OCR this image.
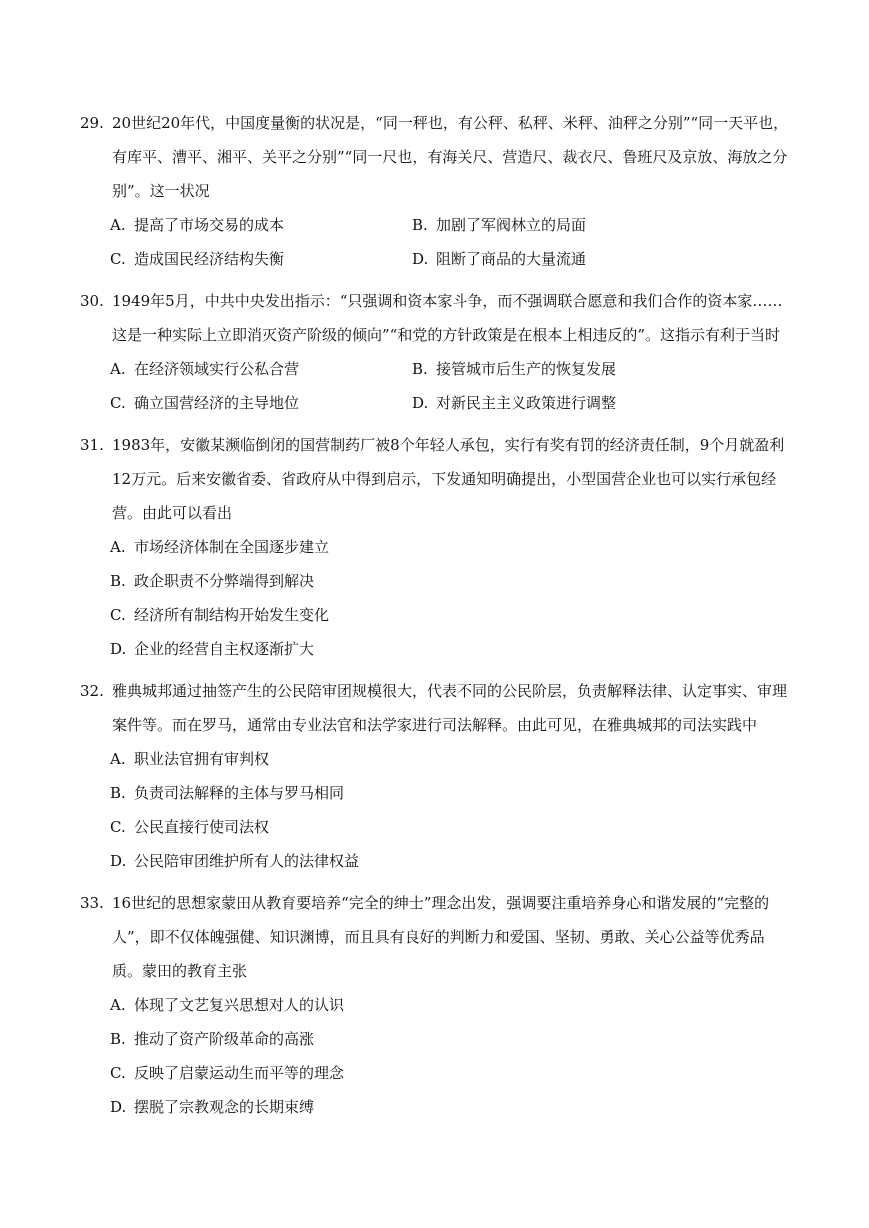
29. 20世纪20年代，中国度量衡的状况是，“同一秤也，有公秤、私秤、米秤、油秤之分别”“同一天平也，有库平、漕平、湘平、关平之分别”“同一尺也，有海关尺、营造尺、裁衣尺、鲁班尺及京放、海放之分别”。这一状况
A. 提高了市场交易的成本	B. 加剧了军阀林立的局面
C. 造成国民经济结构失衡	D. 阻断了商品的大量流通
30. 1949年5月，中共中央发出指示：“只强调和资本家斗争，而不强调联合愿意和我们合作的资本家……这是一种实际上立即消灭资产阶级的倾向”“和党的方针政策是在根本上相违反的”。这指示有利于当时
A. 在经济领域实行公私合营	B. 接管城市后生产的恢复发展
C. 确立国营经济的主导地位	D. 对新民主主义政策进行调整
31. 1983年，安徽某濒临倒闭的国营制药厂被8个年轻人承包，实行有奖有罚的经济责任制，9个月就盈利12万元。后来安徽省委、省政府从中得到启示，下发通知明确提出，小型国营企业也可以实行承包经营。由此可以看出
A. 市场经济体制在全国逐步建立
B. 政企职责不分弊端得到解决
C. 经济所有制结构开始发生变化
D. 企业的经营自主权逐渐扩大
32. 雅典城邦通过抽签产生的公民陪审团规模很大，代表不同的公民阶层，负责解释法律、认定事实、审理案件等。而在罗马，通常由专业法官和法学家进行司法解释。由此可见，在雅典城邦的司法实践中
A. 职业法官拥有审判权
B. 负责司法解释的主体与罗马相同
C. 公民直接行使司法权
D. 公民陪审团维护所有人的法律权益
33. 16世纪的思想家蒙田从教育要培养“完全的绅士”理念出发，强调要注重培养身心和谐发展的“完整的人”，即不仅体魄强健、知识渊博，而且具有良好的判断力和爱国、坚韧、勇敢、关心公益等优秀品质。蒙田的教育主张
A. 体现了文艺复兴思想对人的认识
B. 推动了资产阶级革命的高涨
C. 反映了启蒙运动生而平等的理念
D. 摆脱了宗教观念的长期束缚
